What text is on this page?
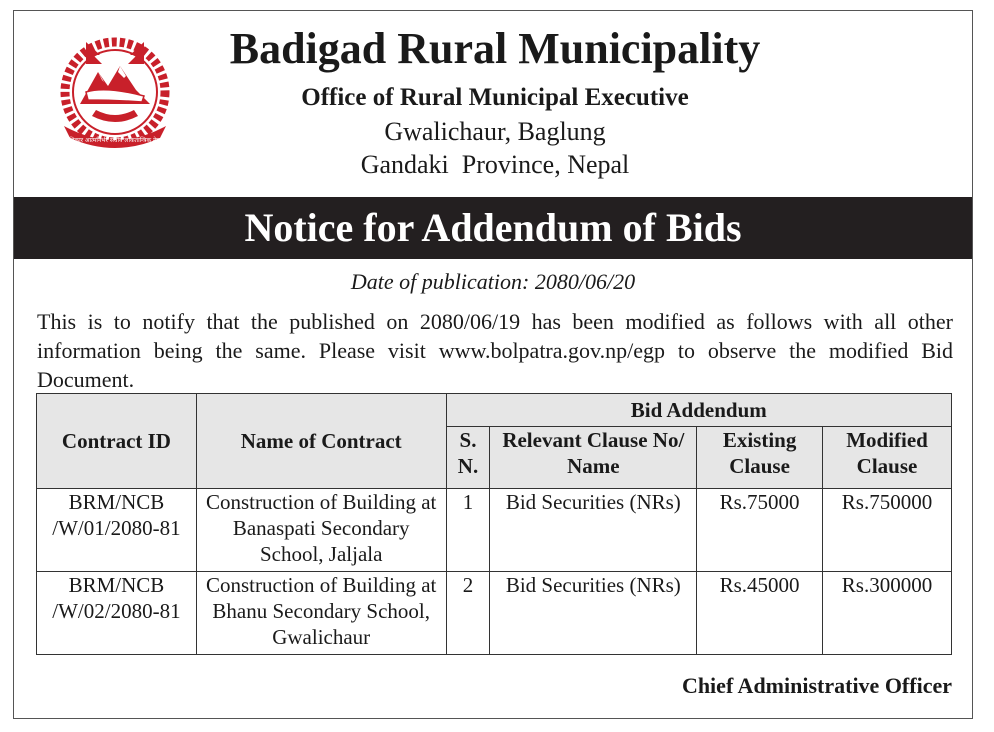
अधिकार आत्मनिर्भर संघीय लोकतान्त्रिक नेपाल
Badigad Rural Municipality
Office of Rural Municipal Executive
Gwalichaur, Baglung
Gandaki  Province, Nepal
Notice for Addendum of Bids
Date of publication: 2080/06/20
This is to notify that the published on 2080/06/19 has been modified as follows with all other information being the same. Please visit www.bolpatra.gov.np/egp to observe the modified Bid Document.
Contract ID	Name of Contract	Bid Addendum			
		S. N.	Relevant Clause No/ Name	Existing Clause	Modified Clause
BRM/NCB /W/01/2080-81	Construction of Building at Banaspati Secondary School, Jaljala	1	Bid Securities (NRs)	Rs.75000	Rs.750000
BRM/NCB /W/02/2080-81	Construction of Building at Bhanu Secondary School, Gwalichaur	2	Bid Securities (NRs)	Rs.45000	Rs.300000
Chief Administrative Officer
